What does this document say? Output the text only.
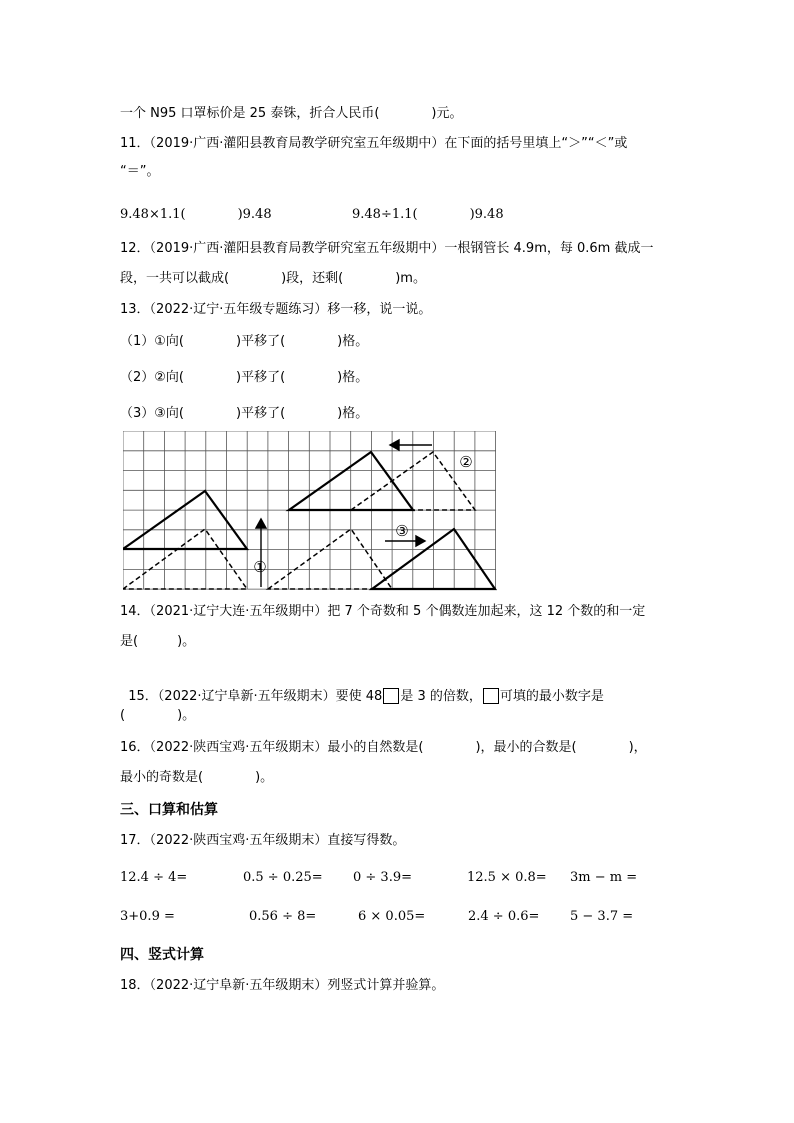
一个 N95 口罩标价是 25 泰铢，折合人民币(　　　　)元。
11．（2019·广西·灌阳县教育局教学研究室五年级期中）在下面的括号里填上“＞”“＜”或
“＝”。
9.48×1.1(　　　　)9.48	9.48÷1.1(　　　　)9.48
12．（2019·广西·灌阳县教育局教学研究室五年级期中）一根钢管长 4.9m，每 0.6m 截成一
段，一共可以截成(　　　　)段，还剩(　　　　)m。
13．（2022·辽宁·五年级专题练习）移一移，说一说。
（1）①向(　　　　)平移了(　　　　)格。
（2）②向(　　　　)平移了(　　　　)格。
（3）③向(　　　　)平移了(　　　　)格。
①
②
③
14．（2021·辽宁大连·五年级期中）把 7 个奇数和 5 个偶数连加起来，这 12 个数的和一定
是(　　　)。

15．（2022·辽宁阜新·五年级期末）要使 48 是 3 的倍数， 可填的最小数字是

(　　　　)。
16．（2022·陕西宝鸡·五年级期末）最小的自然数是(　　　　)，最小的合数是(　　　　)，
最小的奇数是(　　　　)。
三、口算和估算
17．（2022·陕西宝鸡·五年级期末）直接写得数。
12.4 ÷ 4=	0.5 ÷ 0.25= 0 ÷ 3.9=	12.5 × 0.8= 3m − m =
3+0.9 =	0.56 ÷ 8=	6 × 0.05=	2.4 ÷ 0.6= 5 − 3.7 =
四、竖式计算
18．（2022·辽宁阜新·五年级期末）列竖式计算并验算。
